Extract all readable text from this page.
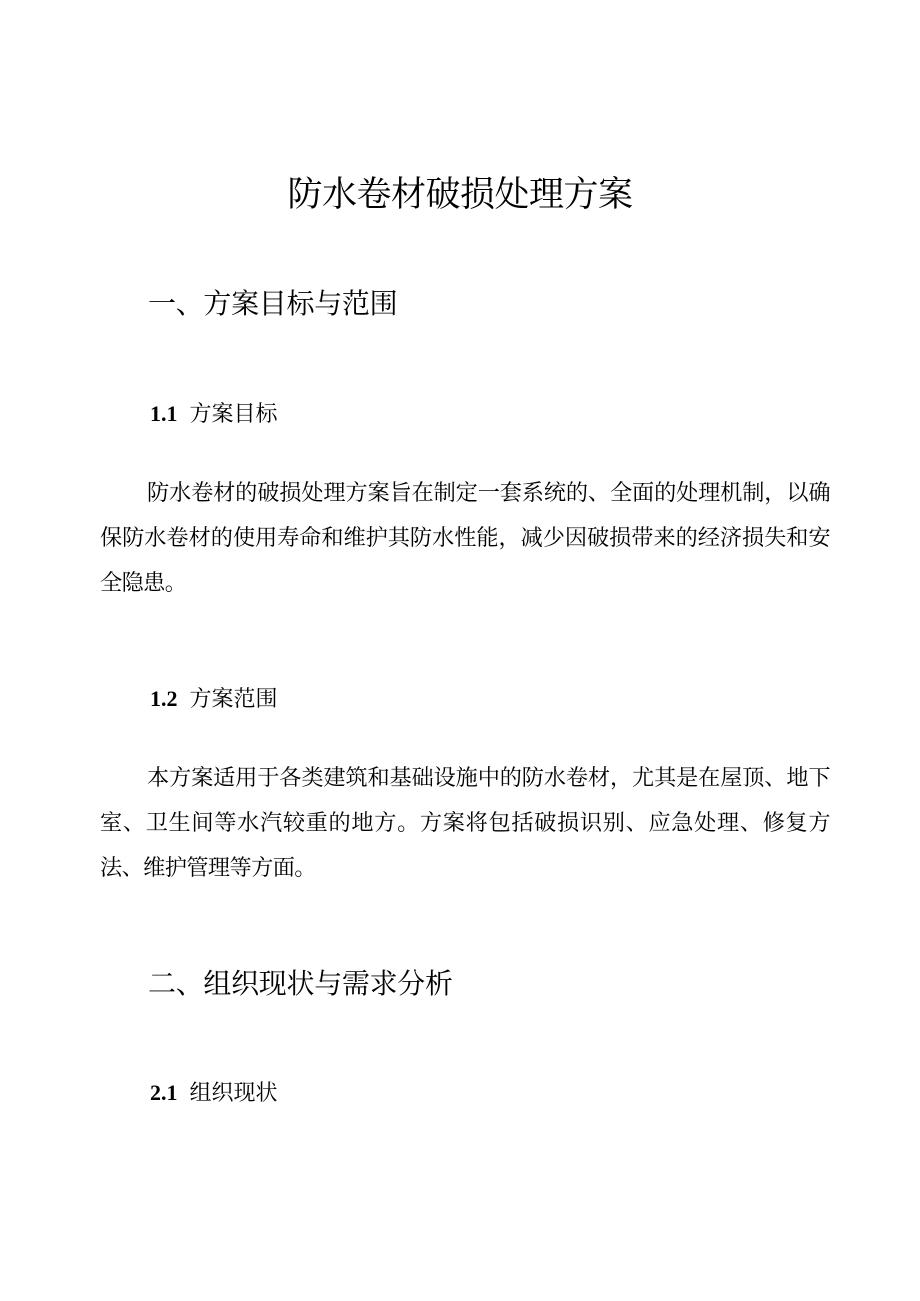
防水卷材破损处理方案
一、方案目标与范围
1.1 方案目标
防水卷材的破损处理方案旨在制定一套系统的、全面的处理机制，以确保防水卷材的使用寿命和维护其防水性能，减少因破损带来的经济损失和安全隐患。
1.2 方案范围
本方案适用于各类建筑和基础设施中的防水卷材，尤其是在屋顶、地下室、卫生间等水汽较重的地方。方案将包括破损识别、应急处理、修复方法、维护管理等方面。
二、组织现状与需求分析
2.1 组织现状
